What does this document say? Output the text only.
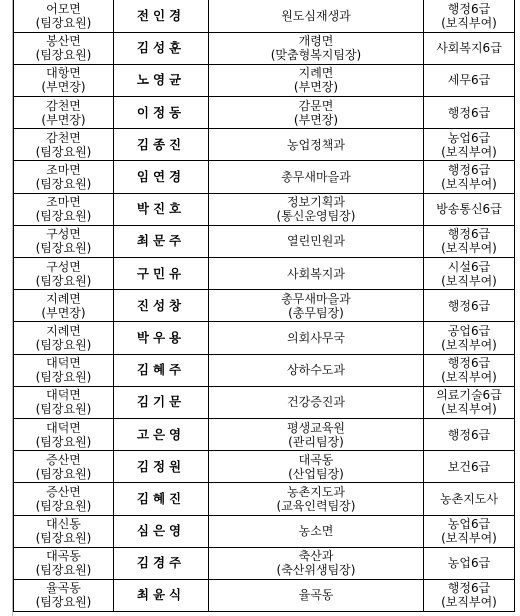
어모면
(팀장요원)	전인경	원도심재생과	행정6급
(보직부여)

봉산면
(팀장요원)	김성훈	개령면
(맞춤형복지팀장)	사회복지6급

대항면
(부면장)	노영균	지례면
(부면장)	세무6급

감천면
(부면장)	이정동	감문면
(부면장)	행정6급

감천면
(팀장요원)	김종진	농업정책과	농업6급
(보직부여)

조마면
(팀장요원)	임연경	총무새마을과	행정6급
(보직부여)

조마면
(팀장요원)	박진호	정보기획과
(통신운영팀장)	방송통신6급

구성면
(팀장요원)	최문주	열린민원과	행정6급
(보직부여)

구성면
(팀장요원)	구민유	사회복지과	시설6급
(보직부여)

지례면
(부면장)	진성창	총무새마을과
(총무팀장)	행정6급

지례면
(팀장요원)	박우용	의회사무국	공업6급
(보직부여)

대덕면
(팀장요원)	김혜주	상하수도과	행정6급
(보직부여)

대덕면
(팀장요원)	김기문	건강증진과	의료기술6급
(보직부여)

대덕면
(팀장요원)	고은영	평생교육원
(관리팀장)	행정6급

증산면
(팀장요원)	김정원	대곡동
(산업팀장)	보건6급

증산면
(팀장요원)	김혜진	농촌지도과
(교육인력팀장)	농촌지도사

대신동
(팀장요원)	심은영	농소면	농업6급
(보직부여)

대곡동
(팀장요원)	김경주	축산과
(축산위생팀장)	농업6급

율곡동
(팀장요원)	최윤식	율곡동	행정6급
(보직부여)
